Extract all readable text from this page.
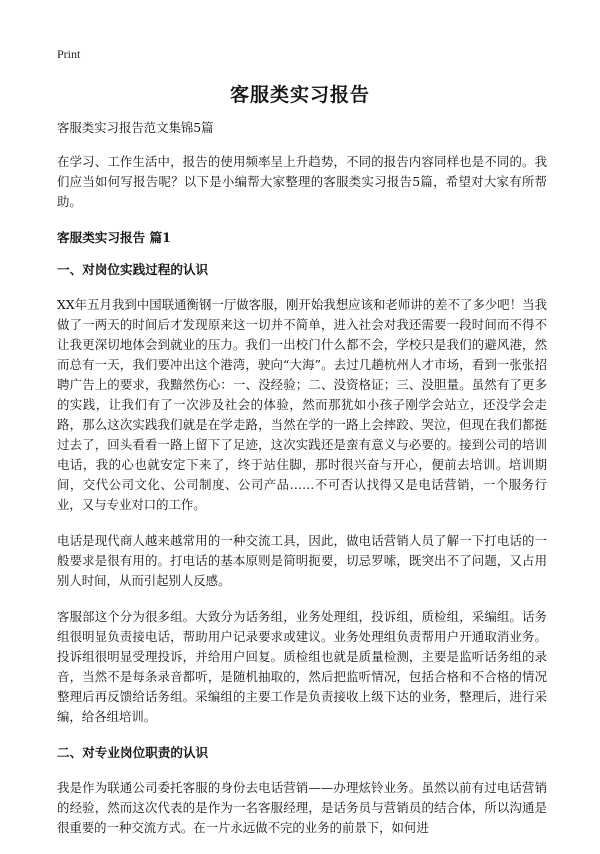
Print
客服类实习报告

客服类实习报告范文集锦5篇

在学习、工作生活中，报告的使用频率呈上升趋势，不同的报告内容同样也是不同的。我们应当如何写报告呢？以下是小编帮大家整理的客服类实习报告5篇，希望对大家有所帮助。

客服类实习报告 篇1

一、对岗位实践过程的认识

XX年五月我到中国联通衡钢一厅做客服，刚开始我想应该和老师讲的差不了多少吧！当我做了一两天的时间后才发现原来这一切并不简单，进入社会对我还需要一段时间而不得不让我更深切地体会到就业的压力。我们一出校门什么都不会，学校只是我们的避风港，然而总有一天，我们要冲出这个港湾，驶向“大海”。去过几趟杭州人才市场，看到一张张招聘广告上的要求，我黯然伤心：一、没经验；二、没资格证；三、没胆量。虽然有了更多的实践，让我们有了一次涉及社会的体验，然而那犹如小孩子刚学会站立，还没学会走路，那么这次实践我们就是在学走路，当然在学的一路上会摔跤、哭泣，但现在我们都挺过去了，回头看看一路上留下了足迹，这次实践还是蛮有意义与必要的。接到公司的培训电话，我的心也就安定下来了，终于站住脚，那时很兴奋与开心，便前去培训。培训期间，交代公司文化、公司制度、公司产品……不可否认找得又是电话营销，一个服务行业，又与专业对口的工作。

电话是现代商人越来越常用的一种交流工具，因此，做电话营销人员了解一下打电话的一般要求是很有用的。打电话的基本原则是简明扼要，切忌罗嗦，既突出不了问题，又占用别人时间，从而引起别人反感。

客服部这个分为很多组。大致分为话务组，业务处理组，投诉组，质检组，采编组。话务组很明显负责接电话，帮助用户记录要求或建议。业务处理组负责帮用户开通取消业务。投诉组很明显受理投诉，并给用户回复。质检组也就是质量检测，主要是监听话务组的录音，当然不是每条录音都听，是随机抽取的，然后把监听情况，包括合格和不合格的情况整理后再反馈给话务组。采编组的主要工作是负责接收上级下达的业务，整理后，进行采编，给各组培训。

二、对专业岗位职责的认识

我是作为联通公司委托客服的身份去电话营销——办理炫铃业务。虽然以前有过电话营销的经验，然而这次代表的是作为一名客服经理，是话务员与营销员的结合体，所以沟通是很重要的一种交流方式。在一片永远做不完的业务的前景下，如何进
